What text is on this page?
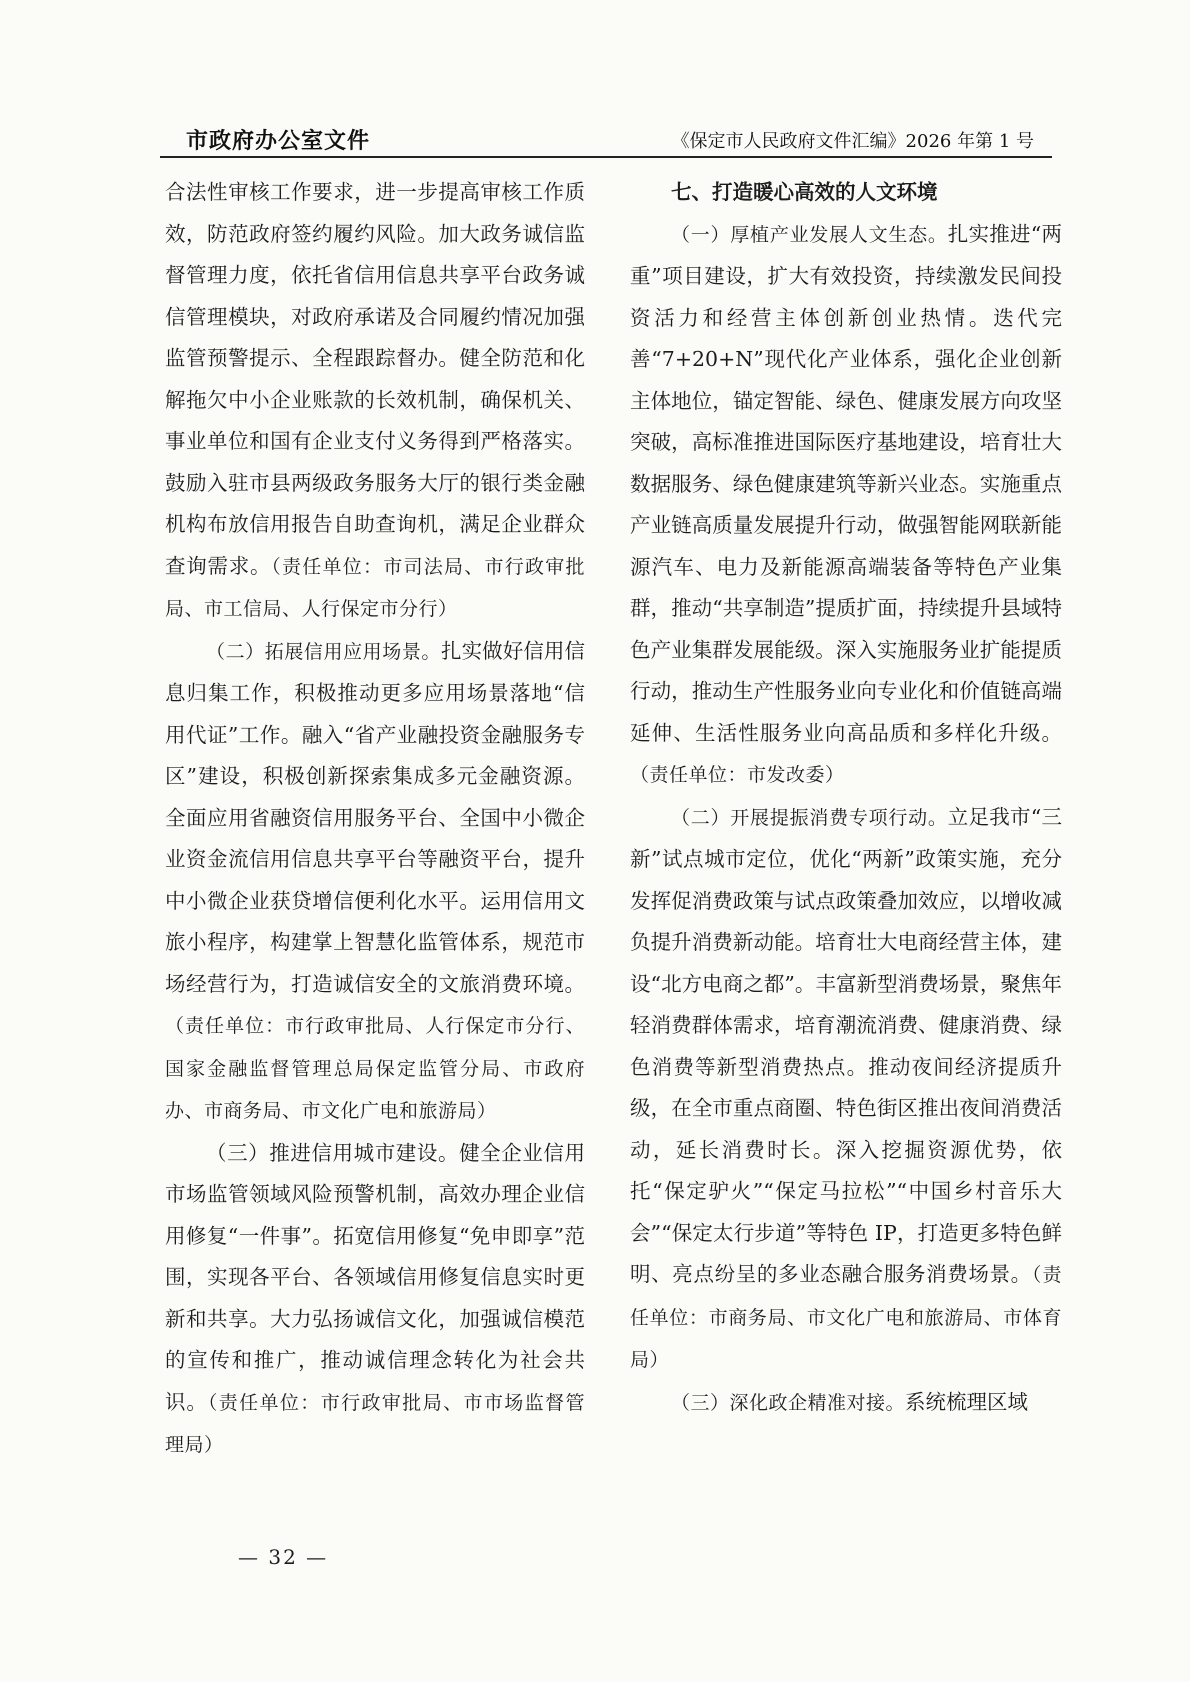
市政府办公室文件	《保定市人民政府文件汇编》2026 年第 1 号

合法性审核工作要求，进一步提高审核工作质效，防范政府签约履约风险。加大政务诚信监督管理力度，依托省信用信息共享平台政务诚信管理模块，对政府承诺及合同履约情况加强监管预警提示、全程跟踪督办。健全防范和化解拖欠中小企业账款的长效机制，确保机关、事业单位和国有企业支付义务得到严格落实。鼓励入驻市县两级政务服务大厅的银行类金融机构布放信用报告自助查询机，满足企业群众查询需求。（责任单位：市司法局、市行政审批局、市工信局、人行保定市分行）

（二）拓展信用应用场景。扎实做好信用信息归集工作，积极推动更多应用场景落地“信用代证”工作。融入“省产业融投资金融服务专区”建设，积极创新探索集成多元金融资源。全面应用省融资信用服务平台、全国中小微企业资金流信用信息共享平台等融资平台，提升中小微企业获贷增信便利化水平。运用信用文旅小程序，构建掌上智慧化监管体系，规范市场经营行为，打造诚信安全的文旅消费环境。（责任单位：市行政审批局、人行保定市分行、国家金融监督管理总局保定监管分局、市政府办、市商务局、市文化广电和旅游局）

（三）推进信用城市建设。健全企业信用市场监管领域风险预警机制，高效办理企业信用修复“一件事”。拓宽信用修复“免申即享”范围，实现各平台、各领域信用修复信息实时更新和共享。大力弘扬诚信文化，加强诚信模范的宣传和推广，推动诚信理念转化为社会共识。（责任单位：市行政审批局、市市场监督管理局）

七、打造暖心高效的人文环境

（一）厚植产业发展人文生态。扎实推进“两重”项目建设，扩大有效投资，持续激发民间投资活力和经营主体创新创业热情。迭代完善“7+20+N”现代化产业体系，强化企业创新主体地位，锚定智能、绿色、健康发展方向攻坚突破，高标准推进国际医疗基地建设，培育壮大数据服务、绿色健康建筑等新兴业态。实施重点产业链高质量发展提升行动，做强智能网联新能源汽车、电力及新能源高端装备等特色产业集群，推动“共享制造”提质扩面，持续提升县域特色产业集群发展能级。深入实施服务业扩能提质行动，推动生产性服务业向专业化和价值链高端延伸、生活性服务业向高品质和多样化升级。（责任单位：市发改委）

（二）开展提振消费专项行动。立足我市“三新”试点城市定位，优化“两新”政策实施，充分发挥促消费政策与试点政策叠加效应，以增收减负提升消费新动能。培育壮大电商经营主体，建设“北方电商之都”。丰富新型消费场景，聚焦年轻消费群体需求，培育潮流消费、健康消费、绿色消费等新型消费热点。推动夜间经济提质升级，在全市重点商圈、特色街区推出夜间消费活动，延长消费时长。深入挖掘资源优势，依托“保定驴火”“保定马拉松”“中国乡村音乐大会”“保定太行步道”等特色 IP，打造更多特色鲜明、亮点纷呈的多业态融合服务消费场景。（责任单位：市商务局、市文化广电和旅游局、市体育局）

（三）深化政企精准对接。系统梳理区域

— 32 —
